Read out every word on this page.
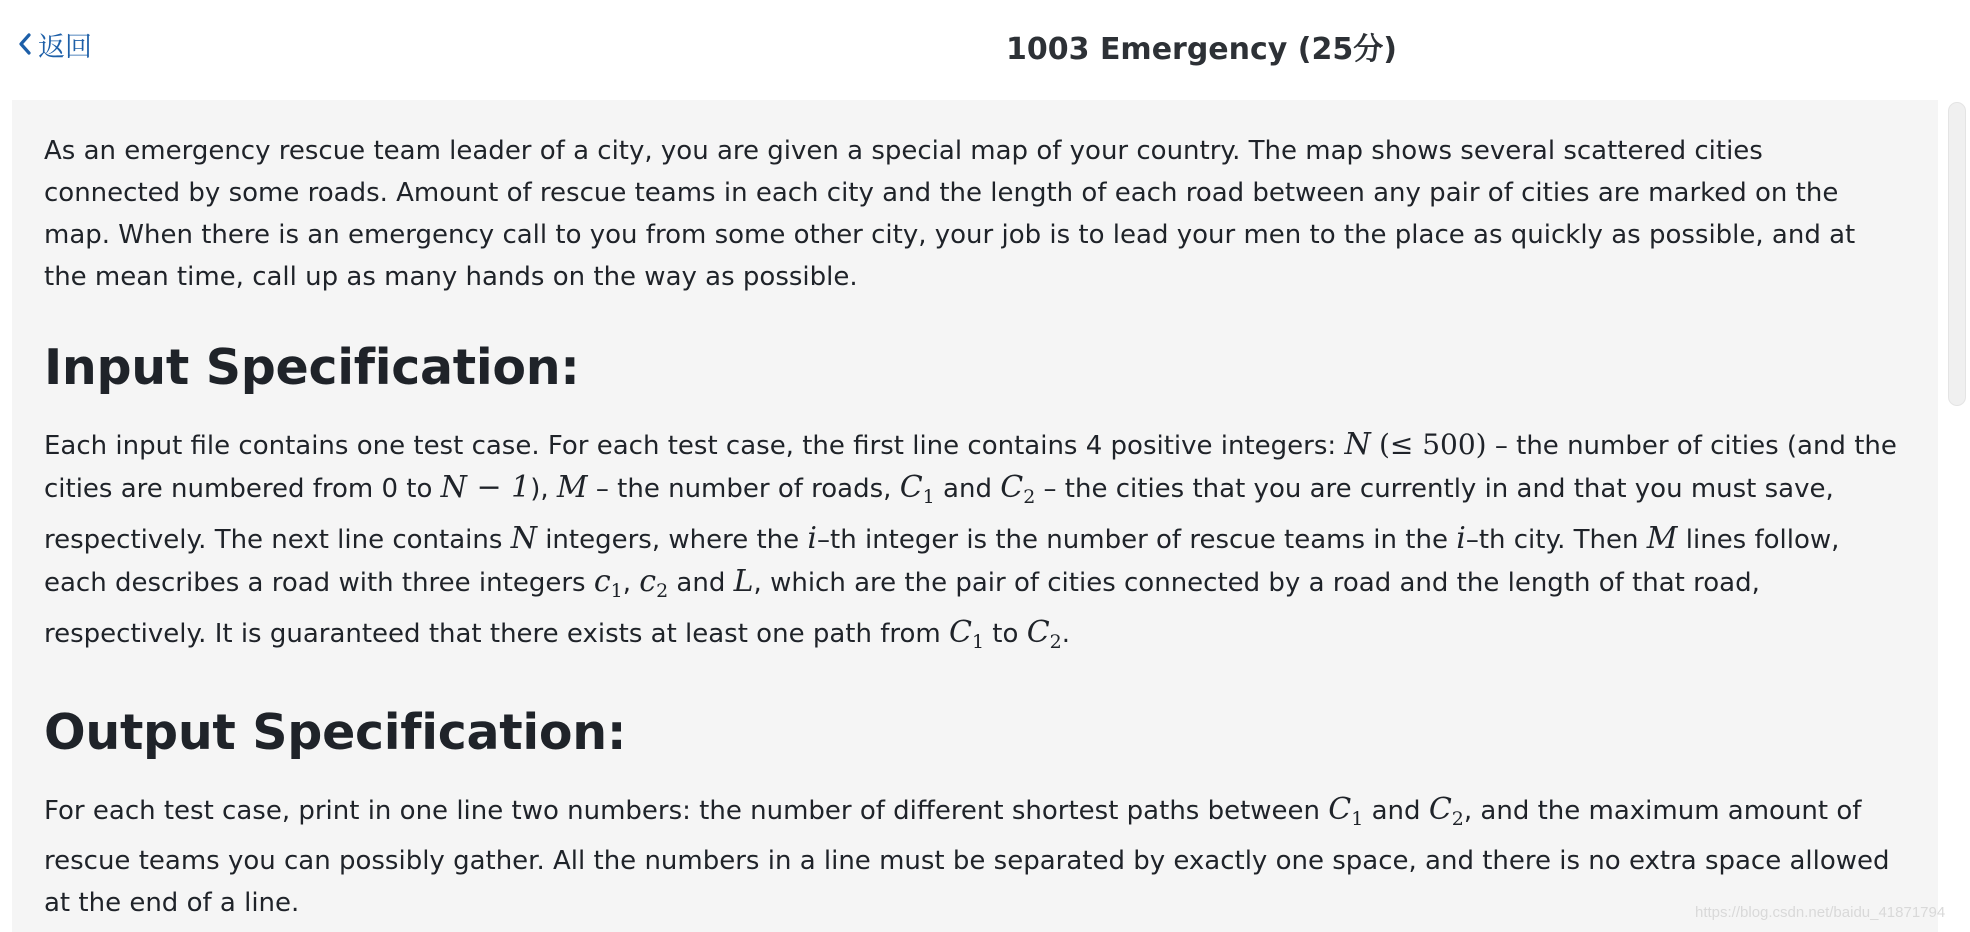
返回	1003 Emergency (25分)

As an emergency rescue team leader of a city, you are given a special map of your country. The map shows several scattered cities connected by some roads. Amount of rescue teams in each city and the length of each road between any pair of cities are marked on the map. When there is an emergency call to you from some other city, your job is to lead your men to the place as quickly as possible, and at the mean time, call up as many hands on the way as possible.

Input Specification:

Each input file contains one test case. For each test case, the first line contains 4 positive integers: N (≤ 500) – the number of cities (and the cities are numbered from 0 to N − 1), M – the number of roads, $C_1$ and $C_2$ – the cities that you are currently in and that you must save, respectively. The next line contains N integers, where the i–th integer is the number of rescue teams in the i–th city. Then M lines follow, each describes a road with three integers $c_1$, $c_2$ and L, which are the pair of cities connected by a road and the length of that road, respectively. It is guaranteed that there exists at least one path from $C_1$ to $C_2$.

Output Specification:

For each test case, print in one line two numbers: the number of different shortest paths between $C_1$ and $C_2$, and the maximum amount of rescue teams you can possibly gather. All the numbers in a line must be separated by exactly one space, and there is no extra space allowed at the end of a line.	https://blog.csdn.net/baidu_41871794
